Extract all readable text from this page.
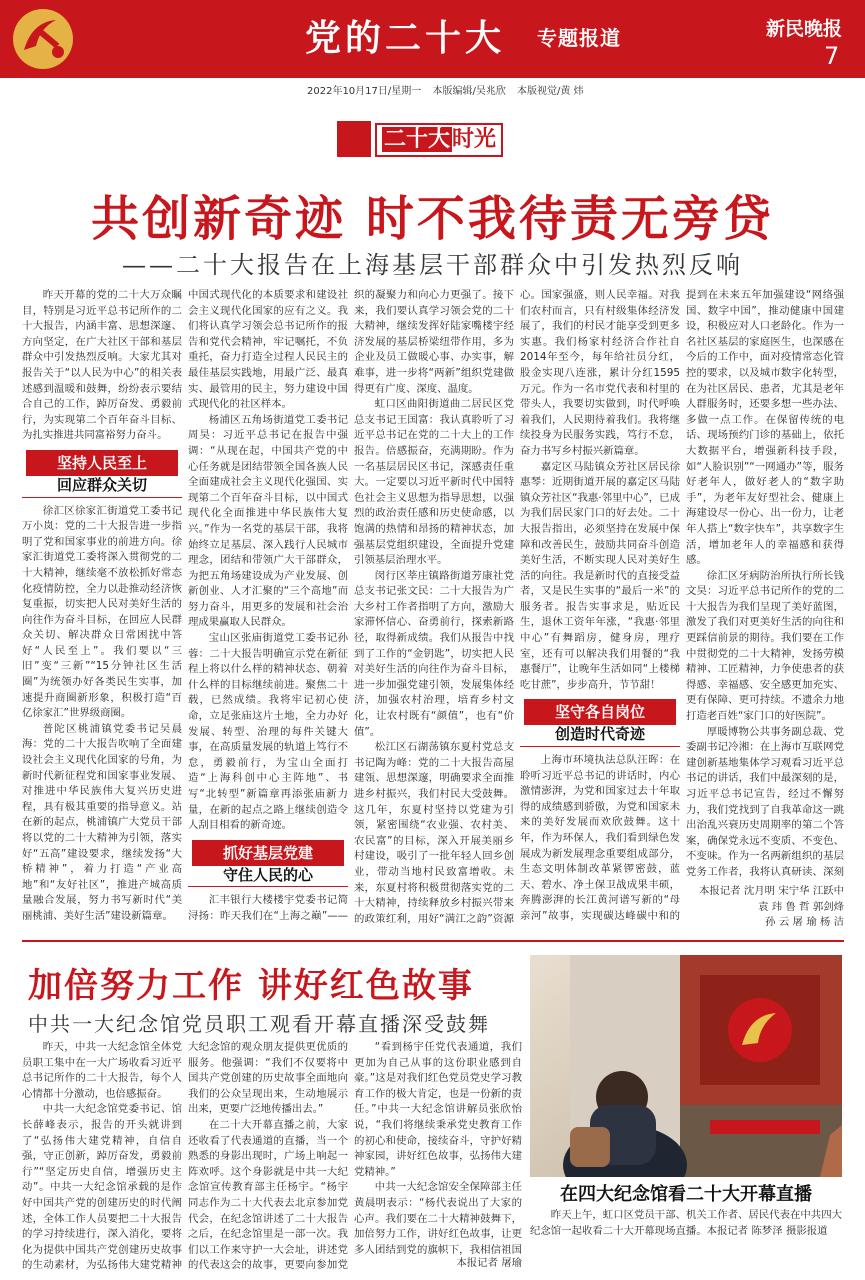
党的二十大 专题报道	新民晚报
7
2022年10月17日/星期一 本版编辑/吴兆欣 本版视觉/黄 炜
二十大时光
共创新奇迹 时不我待责无旁贷
——二十大报告在上海基层干部群众中引发热烈反响

昨天开幕的党的二十大万众瞩目，特别是习近平总书记所作的二十大报告，内涵丰富、思想深邃、方向坚定，在广大社区干部和基层群众中引发热烈反响。大家尤其对报告关于“以人民为中心”的相关表述感到温暖和鼓舞，纷纷表示要结合自己的工作，踔厉奋发、勇毅前行，为实现第二个百年奋斗目标、为扎实推进共同富裕努力奋斗。

坚持人民至上
回应群众关切

徐汇区徐家汇街道党工委书记万小岚：党的二十大报告进一步指明了党和国家事业的前进方向。徐家汇街道党工委将深入贯彻党的二十大精神，继续毫不放松抓好常态化疫情防控，全力以赴推动经济恢复重振，切实把人民对美好生活的向往作为奋斗目标，在回应人民群众关切、解决群众日常困扰中答好“人民至上”。我们要以“三旧”变“三新”“15分钟社区生活圈”为统领办好各类民生实事，加速提升商圈新形象，积极打造“百亿徐家汇”世界级商圈。

普陀区桃浦镇党委书记吴晨海：党的二十大报告吹响了全面建设社会主义现代化国家的号角，为新时代新征程党和国家事业发展、对推进中华民族伟大复兴历史进程，具有极其重要的指导意义。站在新的起点，桃浦镇广大党员干部将以党的二十大精神为引领，落实好“五高”建设要求，继续发扬“大桥精神”，着力打造“产业高地”和“友好社区”，推进产城高质量融合发展，努力书写新时代“美丽桃浦、美好生活”建设新篇章。

中国式现代化的本质要求和建设社会主义现代化国家的应有之义。我们将认真学习领会总书记所作的报告和党代会精神，牢记嘱托，不负重托，奋力打造全过程人民民主的最佳基层实践地，用最广泛、最真实、最管用的民主，努力建设中国式现代化的社区样本。

杨浦区五角场街道党工委书记周昊：习近平总书记在报告中强调：“从现在起，中国共产党的中心任务就是团结带领全国各族人民全面建成社会主义现代化强国、实现第二个百年奋斗目标，以中国式现代化全面推进中华民族伟大复兴。”作为一名党的基层干部，我将始终立足基层、深入践行人民城市理念，团结和带领广大干部群众，为把五角场建设成为产业发展、创新创业、人才汇聚的“三个高地”而努力奋斗，用更多的发展和社会治理成果赢取人民群众。

宝山区张庙街道党工委书记孙蓉：二十大报告明确宣示党在新征程上将以什么样的精神状态、朝着什么样的目标继续前进。聚焦二十载，已然成绩。我将牢记初心使命，立足张庙这片土地，全力办好发展、转型、治理的每件关键大事，在高质量发展的轨道上笃行不怠，勇毅前行，为宝山全面打造“上海科创中心主阵地”、书写“北转型”新篇章再添张庙新力量，在新的起点之路上继续创造令人刮目相看的新奇迹。

抓好基层党建
守住人民的心

汇丰银行大楼楼宇党委书记简浔扬：昨天我们在“上海之巅”——

织的凝聚力和向心力更强了。接下来，我们要认真学习领会党的二十大精神，继续发挥好陆家嘴楼宇经济发展的基层桥梁纽带作用，多为企业及员工做暖心事、办实事，解难事，进一步将“两新”组织党建做得更有广度、深度、温度。

虹口区曲阳街道曲二居民区党总支书记王国富：我认真聆听了习近平总书记在党的二十大上的工作报告。倍感振奋，充满期盼。作为一名基层居民区书记，深感责任重大。一定要以习近平新时代中国特色社会主义思想为指导思想，以强烈的政治责任感和历史使命感，以饱满的热情和昂扬的精神状态，加强基层党组织建设，全面提升党建引领基层治理水平。

闵行区莘庄镇路街道芳康社党总支书记张文民：二十大报告为广大乡村工作者指明了方向，激励大家滞怀信心、奋勇前行，探索新路径，取得新成绩。我们从报告中找到了工作的“金钥匙”，切实把人民对美好生活的向往作为奋斗目标，进一步加强党建引领，发展集体经济，加强农村治理，培育乡村文化，让农村既有“颜值”，也有“价值”。

松江区石湖荡镇东夏村党总支书记陶为峰：党的二十大报告高屋建瓴、思想深邃，明确要求全面推进乡村振兴，我们村民大受鼓舞。这几年，东夏村坚持以党建为引领，紧密围绕“农业强、农村美、农民富”的目标，深入开展美丽乡村建设，吸引了一批年轻人回乡创业，带动当地村民致富增收。未来，东夏村将积极贯彻落实党的二十大精神，持续释放乡村振兴带来的政策红利，用好“满江之韵”资源

心。国家强盛，则人民幸福。对我们农村而言，只有村级集体经济发展了，我们的村民才能享受到更多实惠。我们杨家村经济合作社自2014年至今，每年给社员分红，股金实现八连涨，累计分红1595万元。作为一名市党代表和村里的带头人，我要切实做到，时代呼唤着我们，人民期待着我们。我将继续投身为民服务实践，笃行不怠，奋力书写乡村振兴新篇章。

嘉定区马陆镇众芳社区居民徐惠琴：近期街道开展的嘉定区马陆镇众芳社区“我惠·邻里中心”，已成为我们居民家门口的好去处。二十大报告指出，必须坚持在发展中保障和改善民生，鼓励共同奋斗创造美好生活，不断实现人民对美好生活的向往。我是新时代的直接受益者，又是民生实事的“最后一米”的服务者。报告实事求是，贴近民生，退休工资年年涨，“我惠·邻里中心”有舞蹈房，健身房，理疗室，还有可以解决我们用餐的“我惠餐厅”，让晚年生活如同“上楼梯吃甘蔗”，步步高升，节节甜！

坚守各自岗位
创造时代奇迹

上海市环境执法总队汪晖：在聆听习近平总书记的讲话时，内心激情澎湃，为党和国家过去十年取得的成绩感到骄傲，为党和国家未来的美好发展而欢欣鼓舞。这十年，作为环保人，我们看到绿色发展成为新发展理念重要组成部分，生态文明体制改革紧锣密鼓，蓝天、碧水、净土保卫战成果丰硕，奔腾澎湃的长江黄河谱写新的“母亲河”故事，实现碳达峰碳中和的

提到在未来五年加强建设“网络强国、数字中国”，推动健康中国建设，积极应对人口老龄化。作为一名社区基层的家庭医生，也深感在今后的工作中，面对疫情常态化管控的要求，以及城市数字化转型，在为社区居民、患者，尤其是老年人群服务时，还要多想一些办法、多做一点工作。在保留传统的电话、现场预约门诊的基础上，依托大数据平台，增强新科技手段，如“人脸识别”“一网通办”等，服务好老年人，做好老人的“数字助手”，为老年友好型社会、健康上海建设尽一份心、出一份力，让老年人搭上“数字快车”，共享数字生活，增加老年人的幸福感和获得感。

徐汇区牙病防治所执行所长钱文昊：习近平总书记所作的党的二十大报告为我们呈现了美好蓝图，激发了我们对更美好生活的向往和更踩信前景的期待。我们要在工作中贯彻党的二十大精神，发扬劳模精神、工匠精神，力争使患者的获得感、幸福感、安全感更加充实、更有保障、更可持续。不遗余力地打造老百姓“家门口的好医院”。

厚暖博物公共事务副总裁、党委副书记冷湘：在上海市互联网党建创新基地集体学习观看习近平总书记的讲话，我们中最深刻的是，习近平总书记宣告，经过不懈努力，我们党找到了自我革命这一跳出治乱兴衰历史周期率的第二个答案，确保党永远不变质、不变色、不变味。作为一名两新组织的基层党务工作者，我将认真研读、深刻

本报记者 沈月明 宋宁华 江跃中
袁 玮 鲁 哲 郭剑烽
孙 云 屠 瑜 杨 洁
加倍努力工作 讲好红色故事
中共一大纪念馆党员职工观看开幕直播深受鼓舞

昨天，中共一大纪念馆全体党员职工集中在一大广场收看习近平总书记所作的二十大报告，每个人心情都十分激动，也倍感振奋。

中共一大纪念馆党委书记、馆长薛峰表示，报告的开头就讲到了“弘扬伟大建党精神，自信自强，守正创新，踔厉奋发，勇毅前行”“坚定历史自信，增强历史主动”。中共一大纪念馆承载的是作好中国共产党的创建历史的时代阐述，全体工作人员要把二十大报告的学习持续进行，深入消化，要将化为提供中国共产党创建历史故事的生动素材，为弘扬伟大建党精神

大纪念馆的观众朋友提供更优质的服务。他强调：“我们不仅要将中国共产党创建的历史故事全面地向我们的公众呈现出来，生动地展示出来，更要广泛地传播出去。”

在二十大开幕直播之前，大家还收看了代表通道的直播，当一个熟悉的身影出现时，广场上响起一阵欢呼。这个身影就是中共一大纪念馆宣传教育部主任杨宇。“杨宇同志作为二十大代表去北京参加党代会，在纪念馆讲述了二十大报告之后，在纪念馆里是一部一次。我们以工作来守护一大会址，讲述党的代表这会的故事，更要向参加党

“看到杨宇任党代表通道，我们更加为自己从事的这份职业感到自豪。”这是对我们红色党员党史学习教育工作的极大肯定，也是一份新的责任。”中共一大纪念馆讲解员张欣怡说，“我们将继续秉承党史教育工作的初心和使命，接续奋斗，守护好精神家园，讲好红色故事，弘扬伟大建党精神。”

中共一大纪念馆安全保障部主任黄晨明表示：“杨代表说出了大家的心声。我们要在二十大精神鼓舞下，加倍努力工作，讲好红色故事，让更多人团结到党的旗帜下，我相信祖国

本报记者 屠瑜
在四大纪念馆看二十大开幕直播
昨天上午，虹口区党员干部、机关工作者、居民代表在中共四大纪念馆一起收看二十大开幕现场直播。本报记者 陈梦泽 摄影报道
